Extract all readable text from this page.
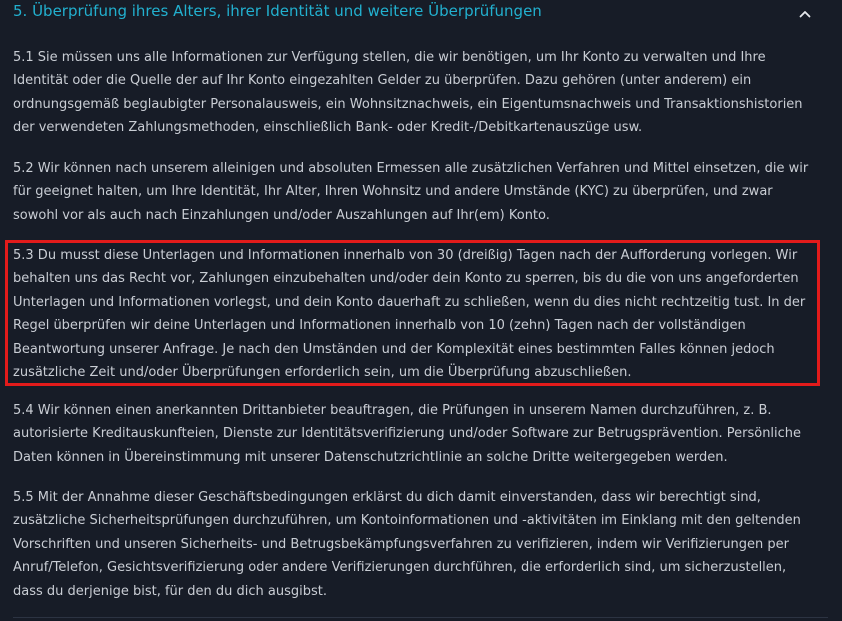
5. Überprüfung ihres Alters, ihrer Identität und weitere Überprüfungen

5.1 Sie müssen uns alle Informationen zur Verfügung stellen, die wir benötigen, um Ihr Konto zu verwalten und Ihre Identität oder die Quelle der auf Ihr Konto eingezahlten Gelder zu überprüfen. Dazu gehören (unter anderem) ein ordnungsgemäß beglaubigter Personalausweis, ein Wohnsitznachweis, ein Eigentumsnachweis und Transaktionshistorien der verwendeten Zahlungsmethoden, einschließlich Bank- oder Kredit-/Debitkartenauszüge usw.

5.2 Wir können nach unserem alleinigen und absoluten Ermessen alle zusätzlichen Verfahren und Mittel einsetzen, die wir für geeignet halten, um Ihre Identität, Ihr Alter, Ihren Wohnsitz und andere Umstände (KYC) zu überprüfen, und zwar sowohl vor als auch nach Einzahlungen und/oder Auszahlungen auf Ihr(em) Konto.

5.3 Du musst diese Unterlagen und Informationen innerhalb von 30 (dreißig) Tagen nach der Aufforderung vorlegen. Wir behalten uns das Recht vor, Zahlungen einzubehalten und/oder dein Konto zu sperren, bis du die von uns angeforderten Unterlagen und Informationen vorlegst, und dein Konto dauerhaft zu schließen, wenn du dies nicht rechtzeitig tust. In der Regel überprüfen wir deine Unterlagen und Informationen innerhalb von 10 (zehn) Tagen nach der vollständigen Beantwortung unserer Anfrage. Je nach den Umständen und der Komplexität eines bestimmten Falles können jedoch zusätzliche Zeit und/oder Überprüfungen erforderlich sein, um die Überprüfung abzuschließen.

5.4 Wir können einen anerkannten Drittanbieter beauftragen, die Prüfungen in unserem Namen durchzuführen, z. B. autorisierte Kreditauskunfteien, Dienste zur Identitätsverifizierung und/oder Software zur Betrugsprävention. Persönliche Daten können in Übereinstimmung mit unserer Datenschutzrichtlinie an solche Dritte weitergegeben werden.

5.5 Mit der Annahme dieser Geschäftsbedingungen erklärst du dich damit einverstanden, dass wir berechtigt sind, zusätzliche Sicherheitsprüfungen durchzuführen, um Kontoinformationen und -aktivitäten im Einklang mit den geltenden Vorschriften und unseren Sicherheits- und Betrugsbekämpfungsverfahren zu verifizieren, indem wir Verifizierungen per Anruf/Telefon, Gesichtsverifizierung oder andere Verifizierungen durchführen, die erforderlich sind, um sicherzustellen, dass du derjenige bist, für den du dich ausgibst.
